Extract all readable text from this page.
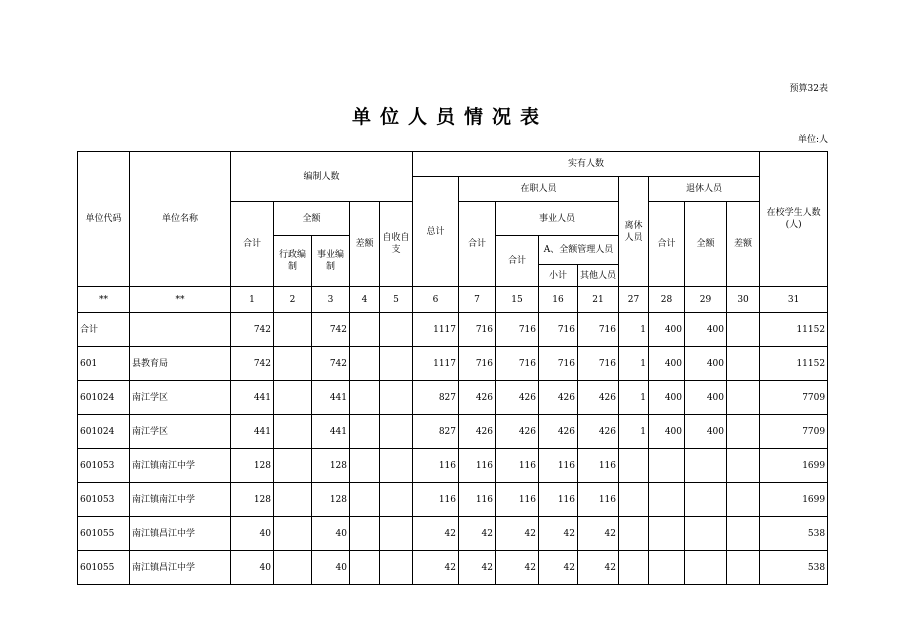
预算32表
单位人员情况表
单位:人
单位代码	单位名称	编制人数					实有人数									在校学生人数(人)
							总计	在职人员				离休人员	退休人员			
		合计	全额		差额	自收自支		合计	事业人员				合计	全额	差额	
			行政编制	事业编制					合计	A、全额管理人员						
										小计	其他人员					
**	**	1	2	3	4	5	6	7	15	16	21	27	28	29	30	31
合计		742		742			1117	716	716	716	716	1	400	400		11152
601	县教育局	742		742			1117	716	716	716	716	1	400	400		11152
601024	南江学区	441		441			827	426	426	426	426	1	400	400		7709
601024	南江学区	441		441			827	426	426	426	426	1	400	400		7709
601053	南江镇南江中学	128		128			116	116	116	116	116					1699
601053	南江镇南江中学	128		128			116	116	116	116	116					1699
601055	南江镇昌江中学	40		40			42	42	42	42	42					538
601055	南江镇昌江中学	40		40			42	42	42	42	42					538
